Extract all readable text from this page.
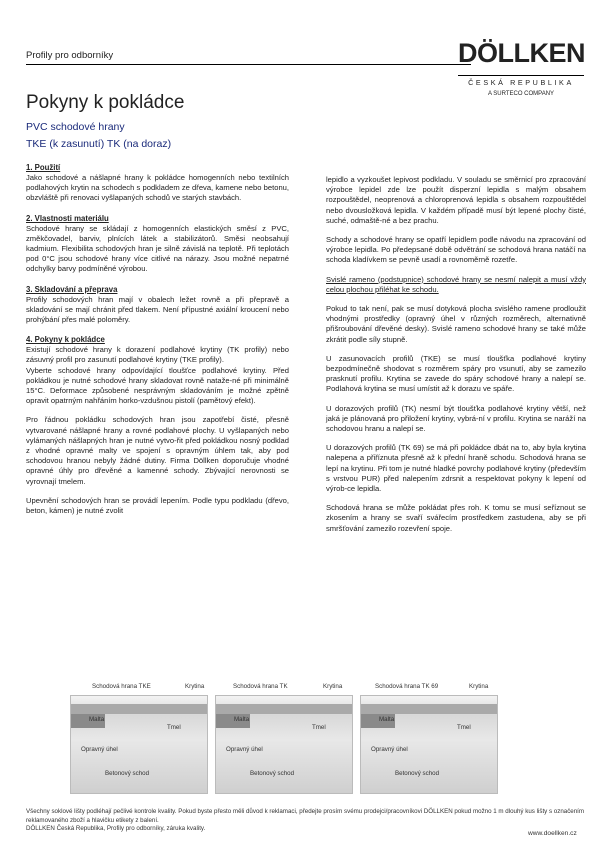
Profily pro odborníky	DÖLLKEN
ČESKÁ REPUBLIKA
A SURTECO COMPANY
Pokyny k pokládce
PVC schodové hrany
TKE (k zasunutí) TK (na doraz)

1. Použití

Jako schodové a nášlapné hrany k pokládce homogenních nebo textilních podlahových krytin na schodech s podkladem ze dřeva, kamene nebo betonu, obzvláště při renovaci vyšlapaných schodů ve starých stavbách.

2. Vlastnosti materiálu

Schodové hrany se skládají z homogenních elastických směsí z PVC, změkčovadel, barviv, plnících látek a stabilizátorů. Směsi neobsahují kadmium. Flexibilita schodových hran je silně závislá na teplotě. Při teplotách pod 0°C jsou schodové hrany více citlivé na nárazy. Jsou možné nepatrné odchylky barvy podmíněné výrobou.

3. Skladování a přeprava

Profily schodových hran mají v obalech ležet rovně a při přepravě a skladování se mají chránit před tlakem. Není přípustné axiální kroucení nebo prohýbání přes malé poloměry.

4. Pokyny k pokládce

Existují schodové hrany k dorazení podlahové krytiny (TK profily) nebo zásuvný profil pro zasunutí podlahové krytiny (TKE profily).

Vyberte schodové hrany odpovídající tloušťce podlahové krytiny. Před pokládkou je nutné schodové hrany skladovat rovně nataže-né při minimálně 15°C. Deformace způsobené nesprávným skladováním je možné zpětně opravit opatrným nahřáním horko-vzdušnou pistolí (pamětový efekt).

Pro řádnou pokládku schodových hran jsou zapotřebí čisté, přesně vytvarované nášlapné hrany a rovné podlahové plochy. U vyšlapaných nebo vylámaných nášlapných hran je nutné vytvo-řit před pokládkou nosný podklad z vhodné opravné malty ve spojení s opravným úhlem tak, aby pod schodovou hranou nebyly žádné dutiny. Firma Döllken doporučuje vhodné opravné úhly pro dřevěné a kamenné schody. Zbývající nerovnosti se vyrovnají tmelem.

Upevnění schodových hran se provádí lepením. Podle typu podkladu (dřevo, beton, kámen) je nutné zvolit

lepidlo a vyzkoušet lepivost podkladu. V souladu se směrnicí pro zpracování výrobce lepidel zde lze použít disperzní lepidla s malým obsahem rozpouštědel, neoprenová a chloroprenová lepidla s obsahem rozpouštědel nebo dvousložková lepidla. V každém případě musí být lepené plochy čisté, suché, odmaště-né a bez prachu.

Schody a schodové hrany se opatří lepidlem podle návodu na zpracování od výrobce lepidla. Po předepsané době odvětrání se schodová hrana natáčí na schoda kladívkem se pevně usadí a rovnoměrně rozetře.

Svislé rameno (podstupnice) schodové hrany se nesmí nalepit a musí vždy celou plochou přiléhat ke schodu.

Pokud to tak není, pak se musí dotyková plocha svislého ramene prodloužit vhodnými prostředky (opravný úhel v různých rozměrech, alternativně přišroubování dřevěné desky). Svislé rameno schodové hrany se také může zkrátit podle síly stupně.

U zasunovacích profilů (TKE) se musí tloušťka podlahové krytiny bezpodmínečně shodovat s rozměrem spáry pro vsunutí, aby se zamezilo prasknutí profilu. Krytina se zavede do spáry schodové hrany a nalepí se. Podlahová krytina se musí umístit až k dorazu ve spáře.

U dorazových profilů (TK) nesmí být tloušťka podlahové krytiny větší, než jaká je plánovaná pro přiložení krytiny, vybrá-ní v profilu. Krytina se naráží na schodovou hranu a nalepí se.

U dorazových profilů (TK 69) se má při pokládce dbát na to, aby byla krytina nalepena a přiříznuta přesně až k přední hraně schodu. Schodová hrana se lepí na krytinu. Při tom je nutné hladké povrchy podlahové krytiny (především s vrstvou PUR) před nalepením zdrsnit a respektovat pokyny k lepení od výrob-ce lepidla.

Schodová hrana se může pokládat přes roh. K tomu se musí seříznout se zkosením a hrany se svaří svářecím prostředkem zastudena, aby se při smršťování zamezilo rozevření spoje.

Malta
Tmel
Opravný úhel
Betonový schod
Schodová hrana TKE	Krytina
Malta
Tmel
Opravný úhel
Betonový schod
Schodová hrana TK	Krytina
Malta
Tmel
Opravný úhel
Betonový schod
Schodová hrana TK 69	Krytina
Všechny soklové lišty podléhají pečlivé kontrole kvality. Pokud byste přesto měli důvod k reklamaci, předejte prosím svému prodejci/pracovníkovi DÖLLKEN pokud možno 1 m dlouhý kus lišty s označením reklamovaného zboží a hlavičku etikety z balení.
DÖLLKEN Česká Republika, Profily pro odborníky, záruka kvality.
www.doellken.cz
